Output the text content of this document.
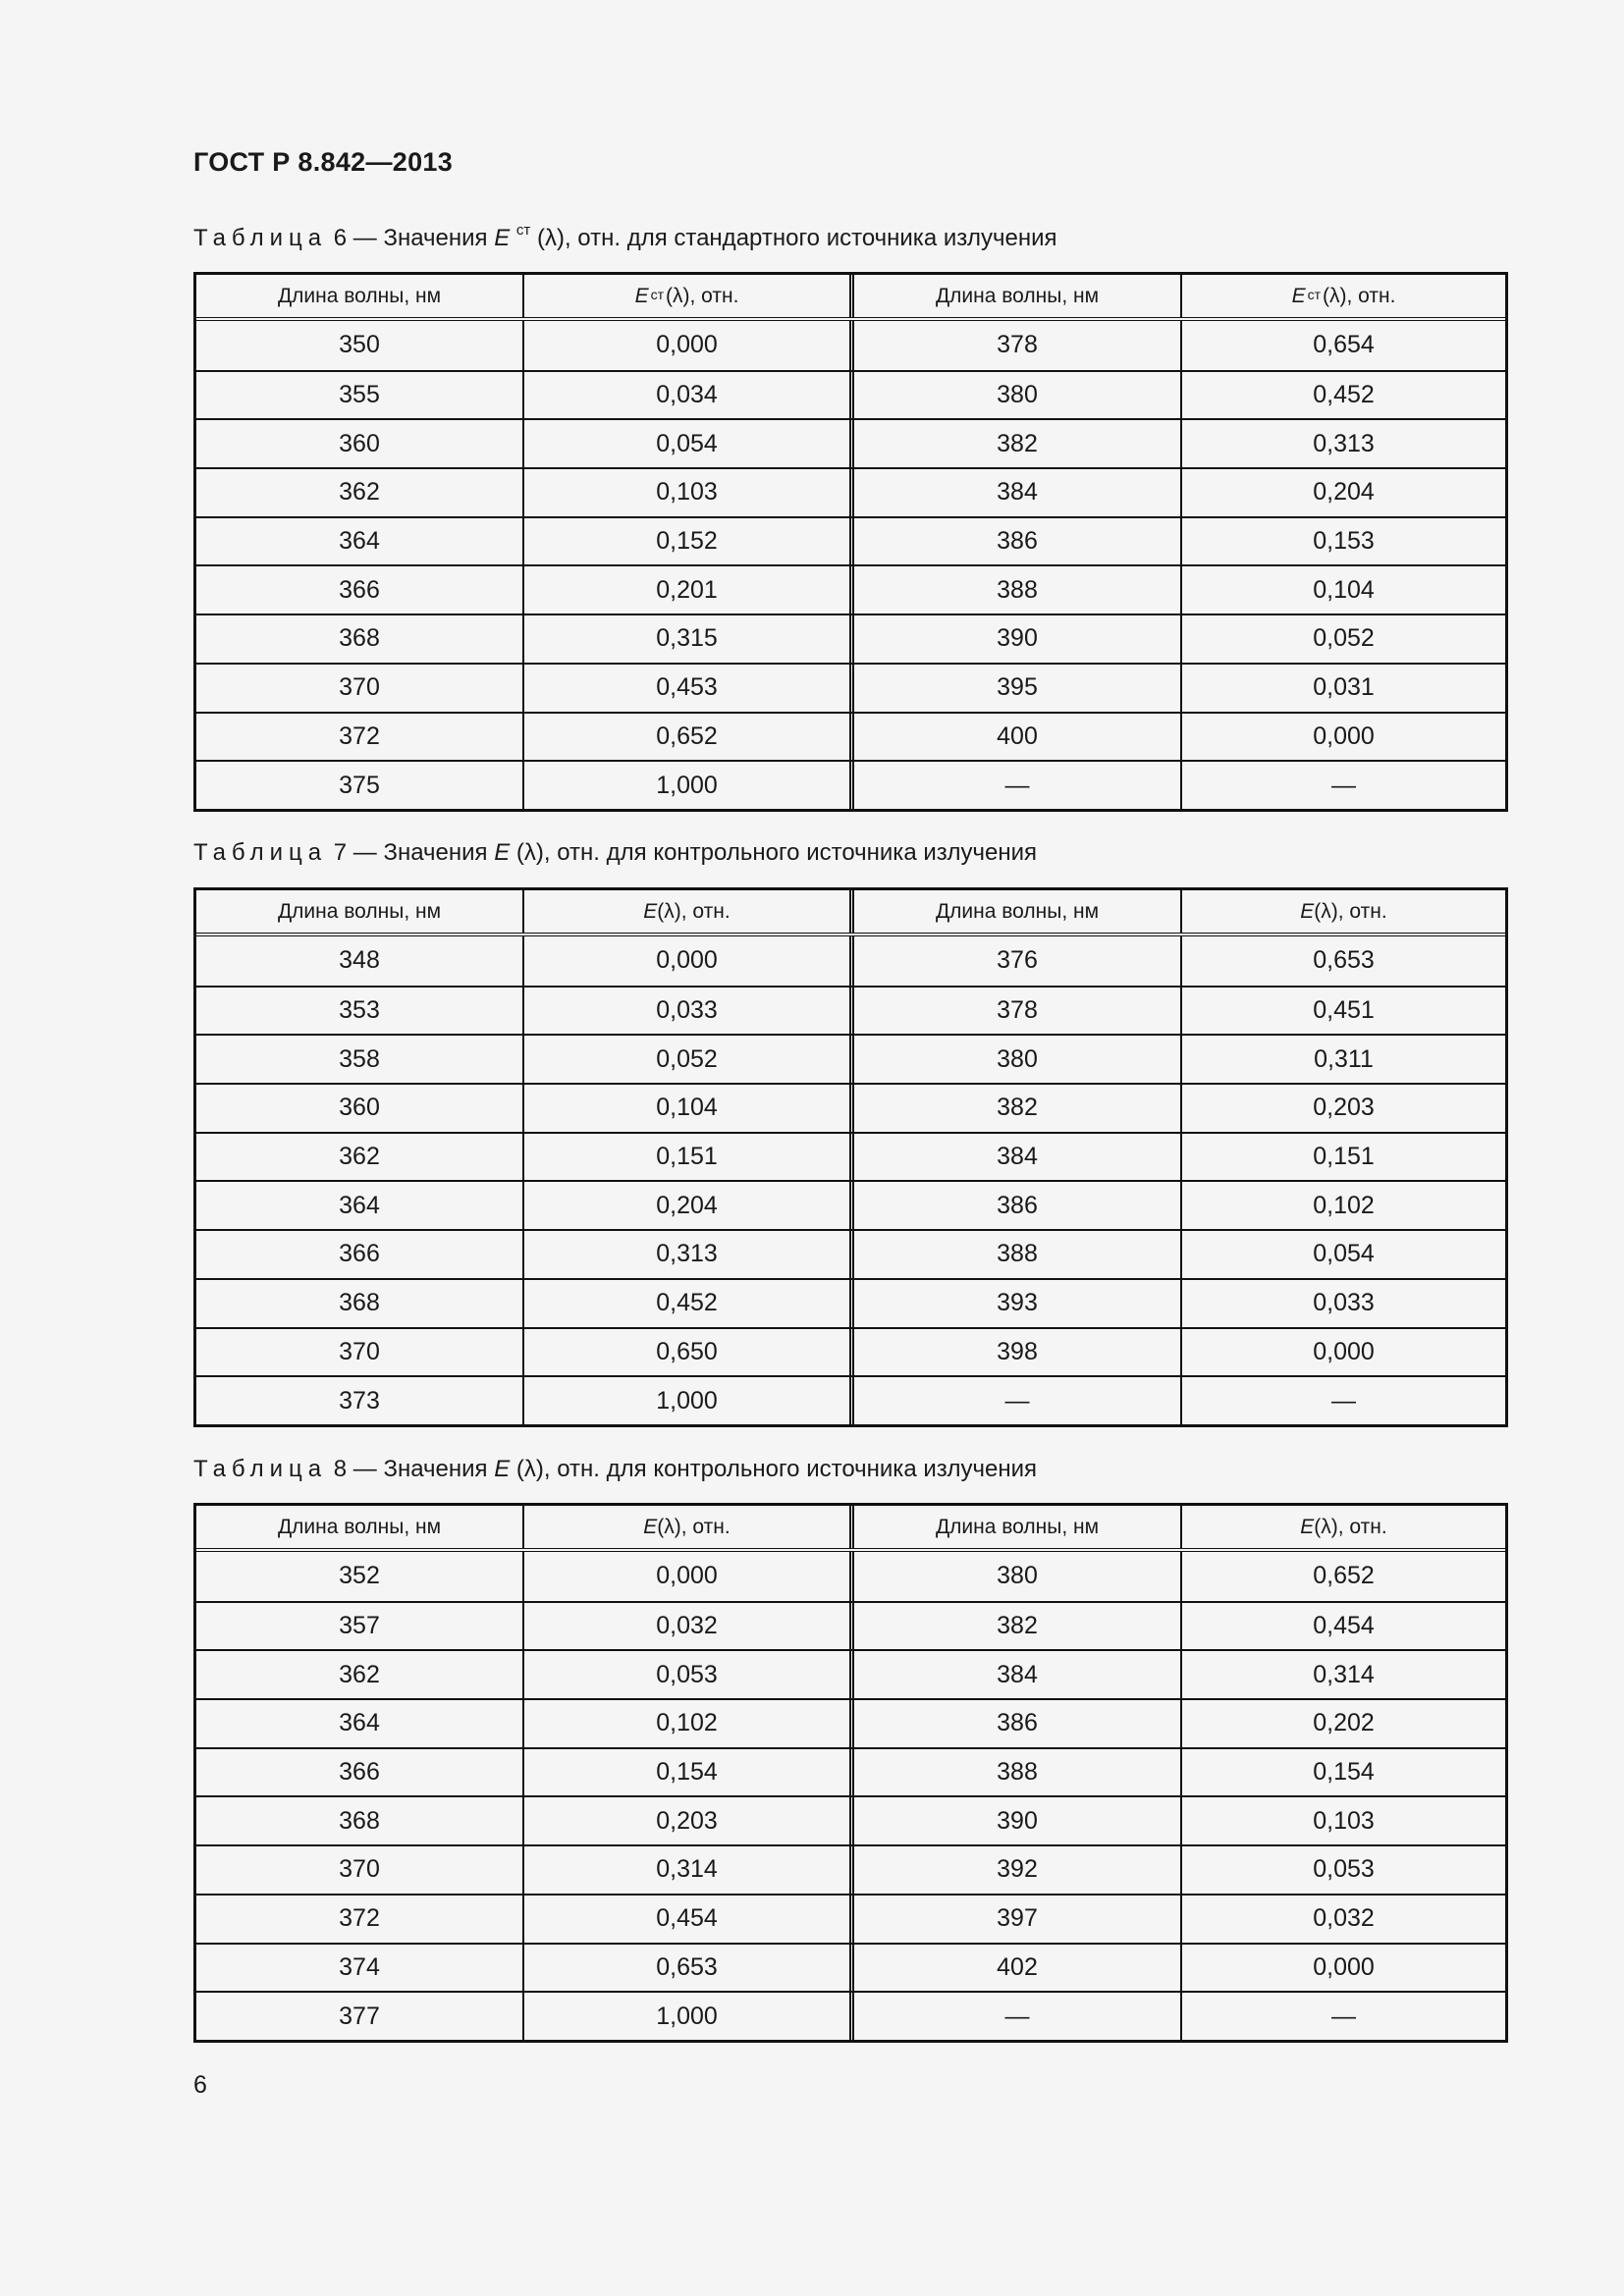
ГОСТ Р 8.842—2013
Таблица 6 — Значения E $^{ст}$ (λ), отн. для стандартного источника излучения
Длина волны, нм	$E^{ст}$ (λ), отн.	Длина волны, нм	$E^{ст}$ (λ), отн.
350	0,000	378	0,654
355	0,034	380	0,452
360	0,054	382	0,313
362	0,103	384	0,204
364	0,152	386	0,153
366	0,201	388	0,104
368	0,315	390	0,052
370	0,453	395	0,031
372	0,652	400	0,000
375	1,000	—	—
Таблица 7 — Значения E (λ), отн. для контрольного источника излучения
Длина волны, нм	E (λ), отн.	Длина волны, нм	E (λ), отн.
348	0,000	376	0,653
353	0,033	378	0,451
358	0,052	380	0,311
360	0,104	382	0,203
362	0,151	384	0,151
364	0,204	386	0,102
366	0,313	388	0,054
368	0,452	393	0,033
370	0,650	398	0,000
373	1,000	—	—
Таблица 8 — Значения E (λ), отн. для контрольного источника излучения
Длина волны, нм	E (λ), отн.	Длина волны, нм	E (λ), отн.
352	0,000	380	0,652
357	0,032	382	0,454
362	0,053	384	0,314
364	0,102	386	0,202
366	0,154	388	0,154
368	0,203	390	0,103
370	0,314	392	0,053
372	0,454	397	0,032
374	0,653	402	0,000
377	1,000	—	—
6
